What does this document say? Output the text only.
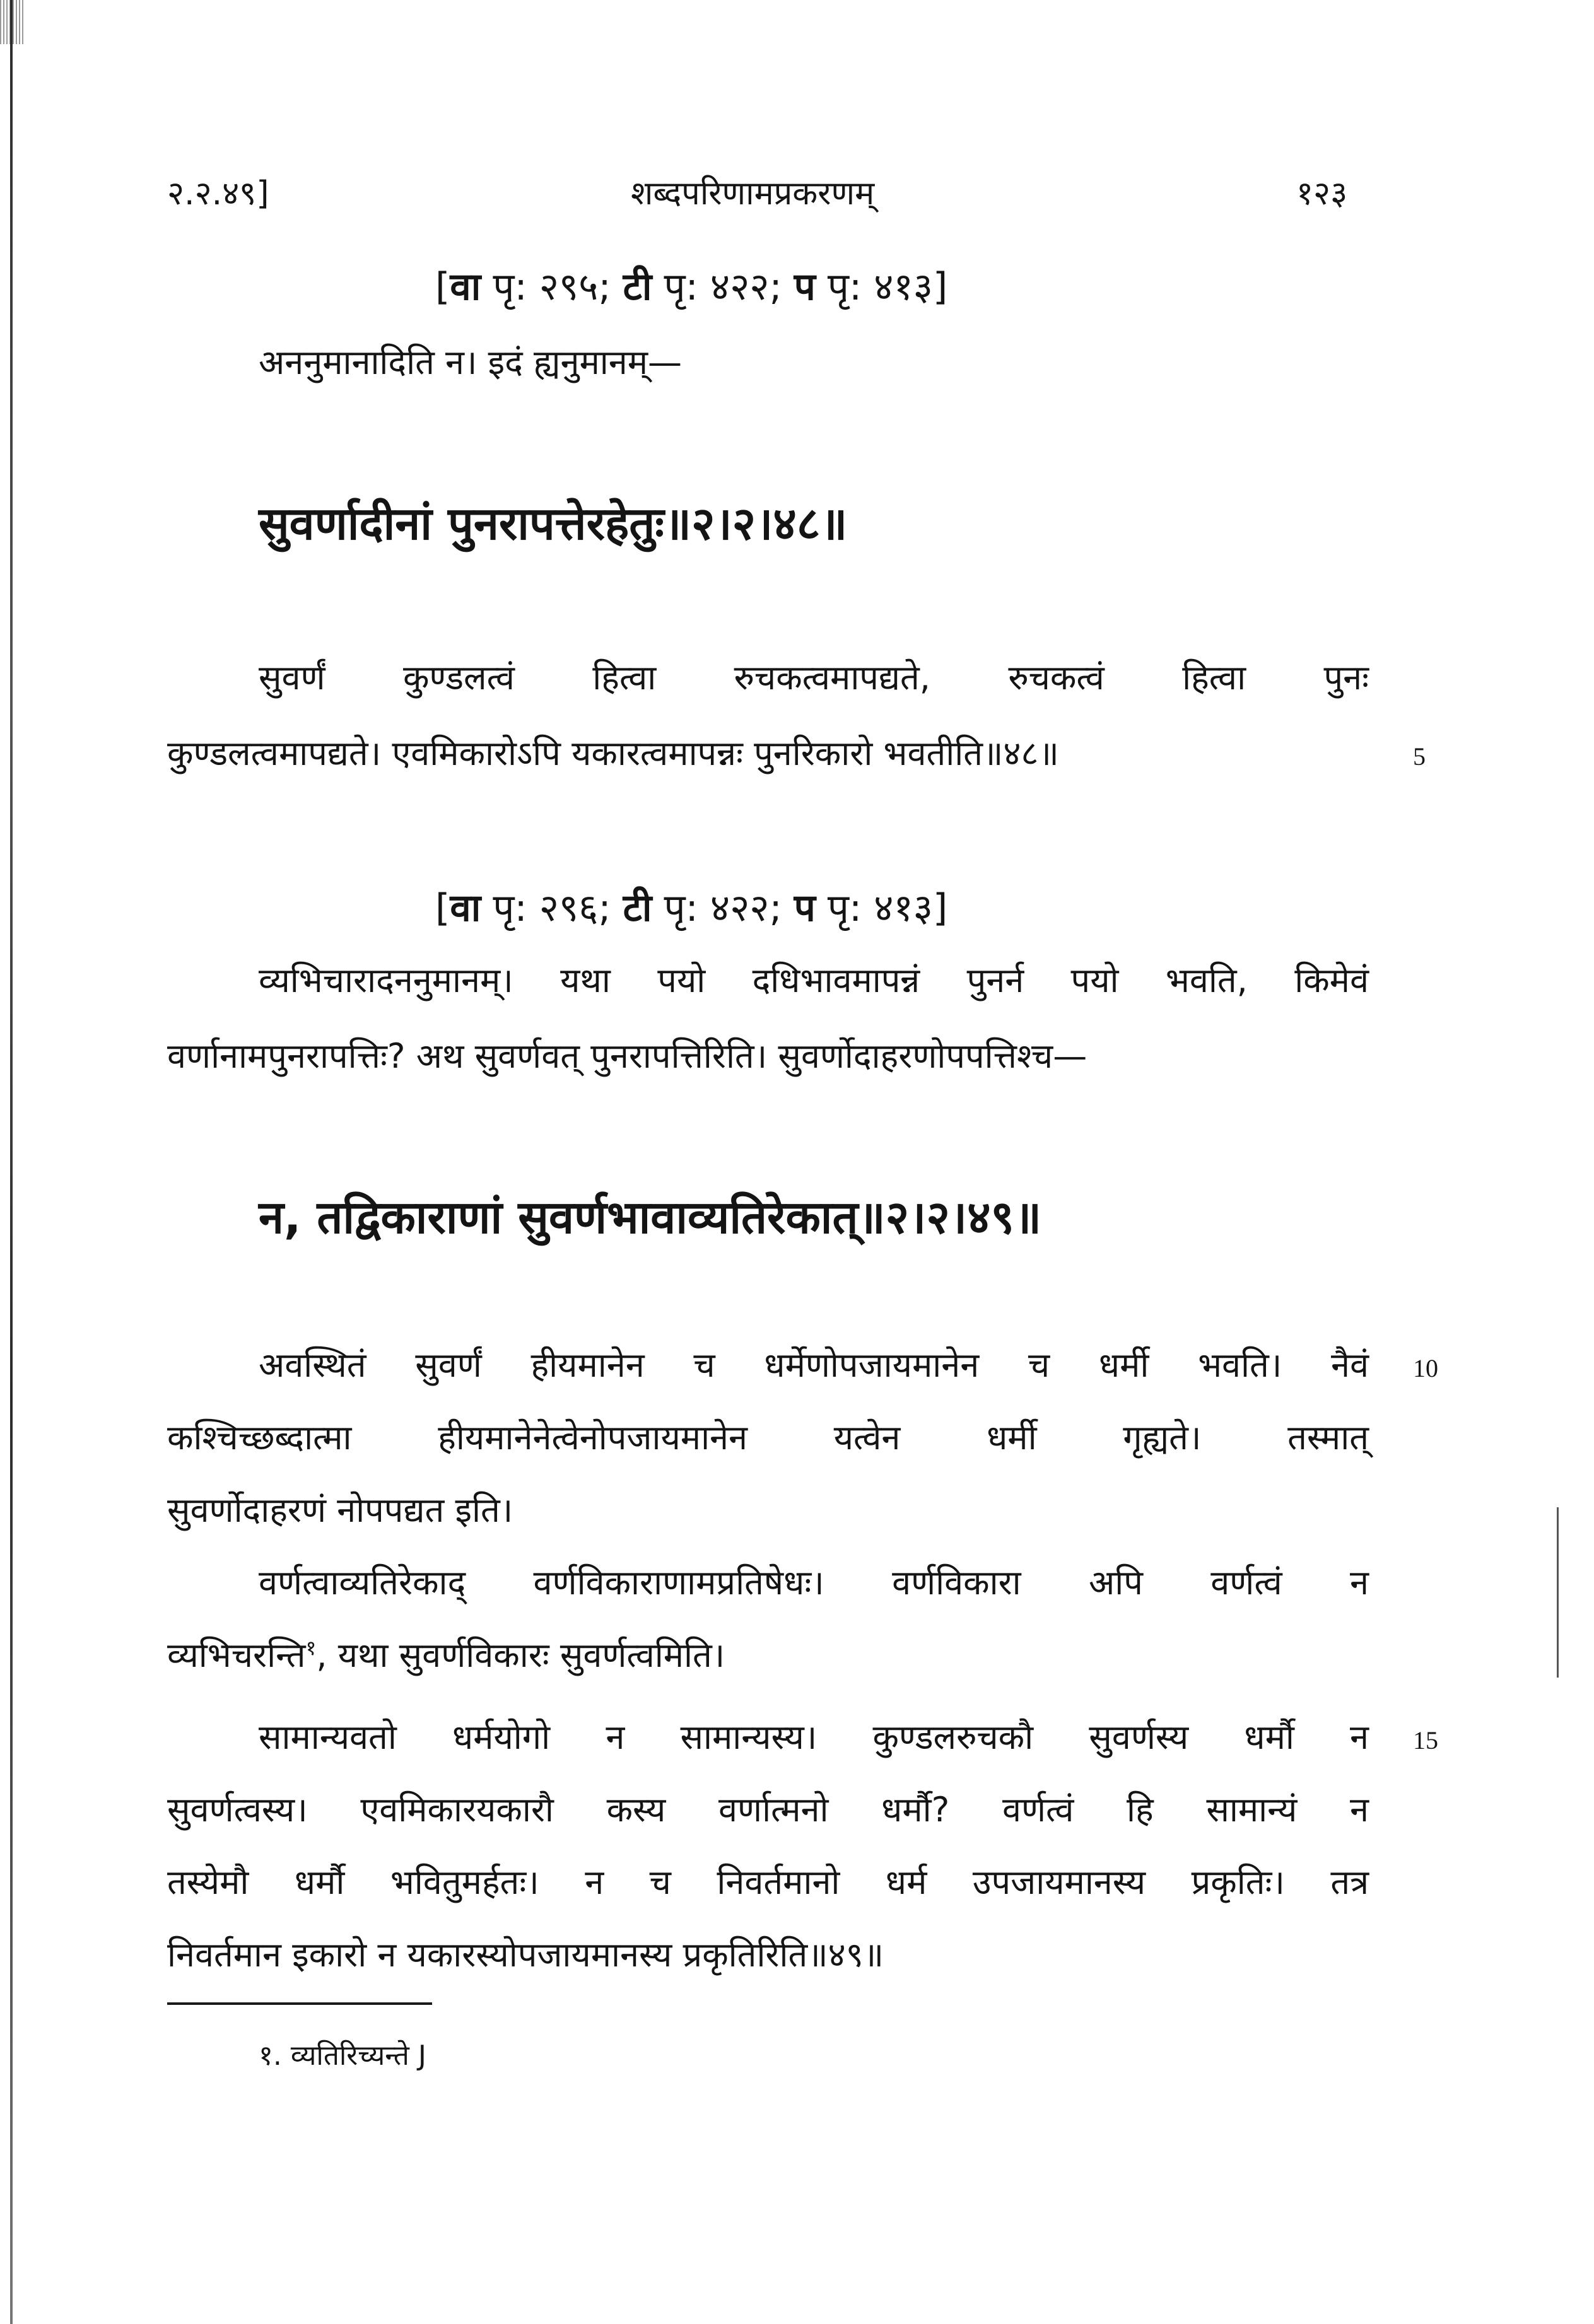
२.२.४९]	शब्दपरिणामप्रकरणम्	१२३
[वा पृ: २९५; टी पृ: ४२२; प पृ: ४१३]
अननुमानादिति न। इदं ह्यनुमानम्—
सुवर्णादीनां पुनरापत्तेरहेतुः॥२।२।४८॥
सुवर्णं कुण्डलत्वं हित्वा रुचकत्वमापद्यते, रुचकत्वं हित्वा पुनः
कुण्डलत्वमापद्यते। एवमिकारोऽपि यकारत्वमापन्नः पुनरिकारो भवतीति॥४८॥	5
[वा पृ: २९६; टी पृ: ४२२; प पृ: ४१३]
व्यभिचारादननुमानम्। यथा पयो दधिभावमापन्नं पुनर्न पयो भवति, किमेवं
वर्णानामपुनरापत्तिः? अथ सुवर्णवत् पुनरापत्तिरिति। सुवर्णोदाहरणोपपत्तिश्च—
न, तद्विकाराणां सुवर्णभावाव्यतिरेकात्॥२।२।४९॥
अवस्थितं सुवर्णं हीयमानेन च धर्मेणोपजायमानेन च धर्मी भवति। नैवं 10
कश्चिच्छब्दात्मा हीयमानेनेत्वेनोपजायमानेन यत्वेन धर्मी गृह्यते। तस्मात्
सुवर्णोदाहरणं नोपपद्यत इति।
वर्णत्वाव्यतिरेकाद् वर्णविकाराणामप्रतिषेधः। वर्णविकारा अपि वर्णत्वं न
व्यभिचरन्ति$^१$, यथा सुवर्णविकारः सुवर्णत्वमिति।
सामान्यवतो धर्मयोगो न सामान्यस्य। कुण्डलरुचकौ सुवर्णस्य धर्मौ न 15
सुवर्णत्वस्य। एवमिकारयकारौ कस्य वर्णात्मनो धर्मौ? वर्णत्वं हि सामान्यं न
तस्येमौ धर्मौ भवितुमर्हतः। न च निवर्तमानो धर्म उपजायमानस्य प्रकृतिः। तत्र
निवर्तमान इकारो न यकारस्योपजायमानस्य प्रकृतिरिति॥४९॥
१. व्यतिरिच्यन्ते J
